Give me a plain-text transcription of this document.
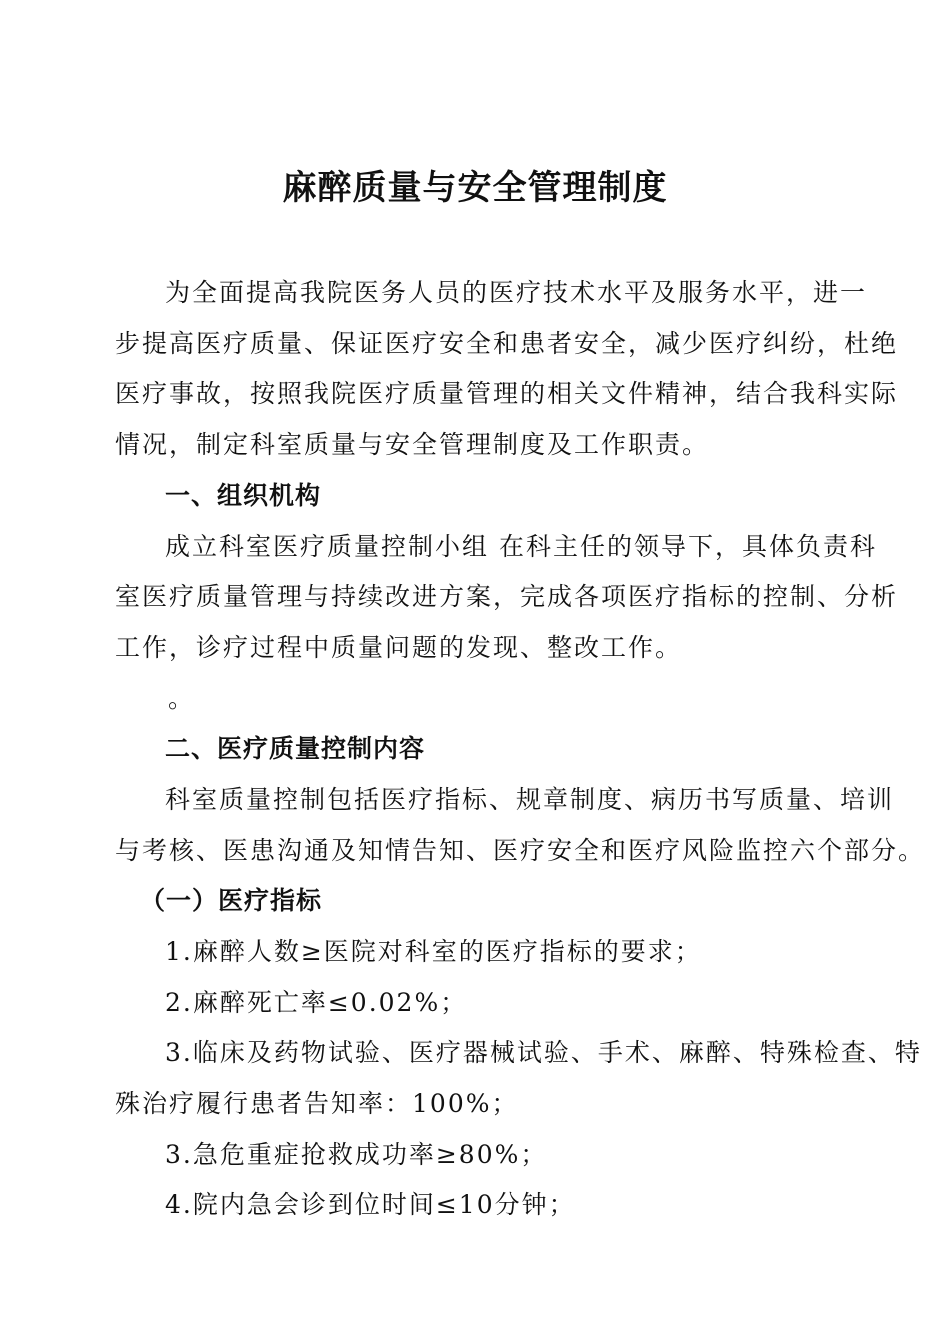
麻醉质量与安全管理制度
为全面提高我院医务人员的医疗技术水平及服务水平，进一
步提高医疗质量、保证医疗安全和患者安全，减少医疗纠纷，杜绝
医疗事故，按照我院医疗质量管理的相关文件精神，结合我科实际
情况，制定科室质量与安全管理制度及工作职责。
一、组织机构
成立科室医疗质量控制小组 在科主任的领导下，具体负责科
室医疗质量管理与持续改进方案，完成各项医疗指标的控制、分析
工作，诊疗过程中质量问题的发现、整改工作。
。
二、医疗质量控制内容
科室质量控制包括医疗指标、规章制度、病历书写质量、培训
与考核、医患沟通及知情告知、医疗安全和医疗风险监控六个部分。
（一）医疗指标
1.麻醉人数≥医院对科室的医疗指标的要求；
2.麻醉死亡率≤0.02%；
3.临床及药物试验、医疗器械试验、手术、麻醉、特殊检查、特
殊治疗履行患者告知率：100%；
3.急危重症抢救成功率≥80%；
4.院内急会诊到位时间≤10分钟；
